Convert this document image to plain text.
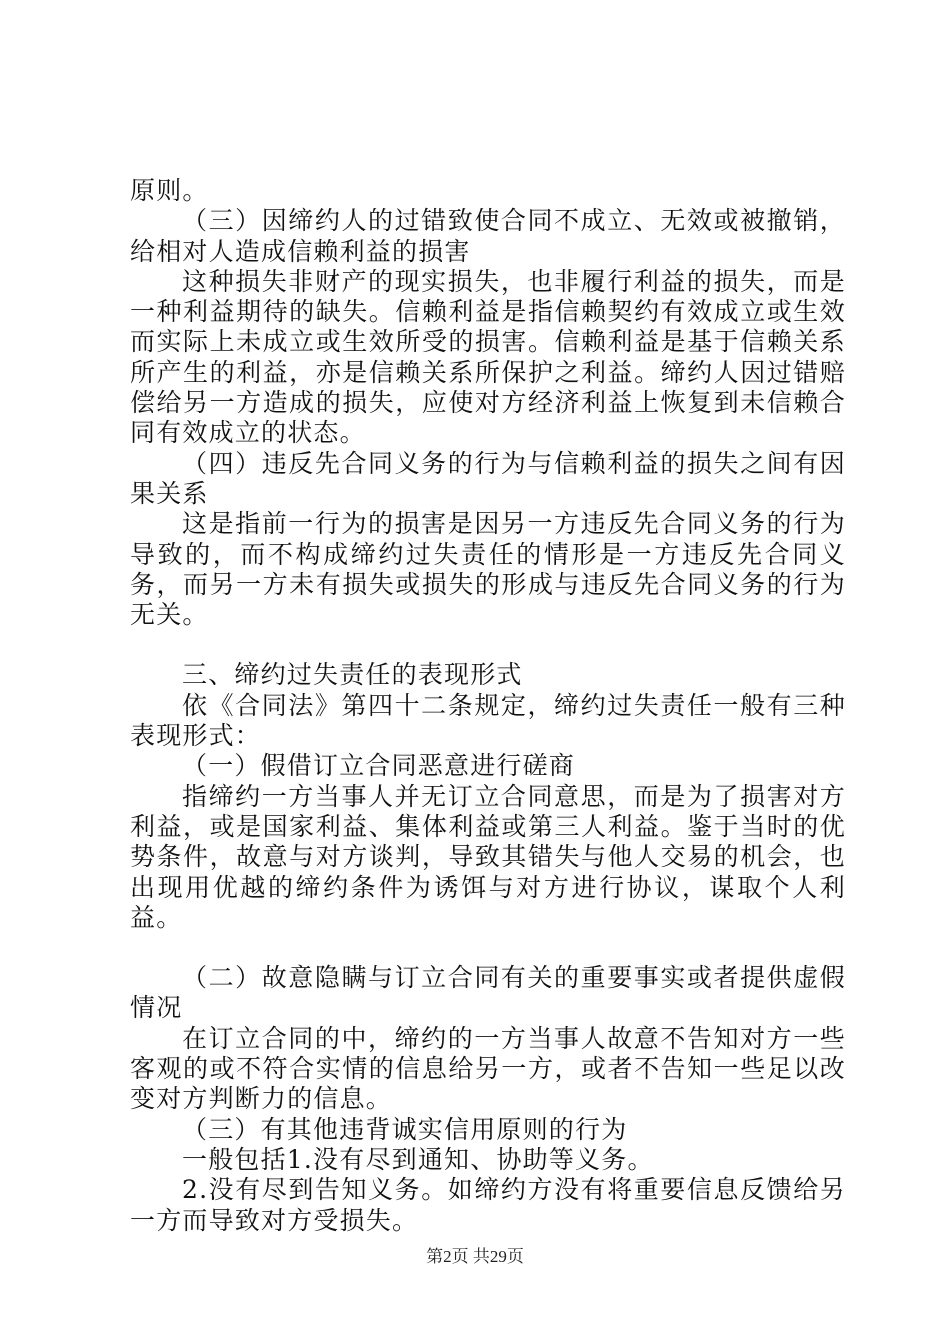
原则。

（三）因缔约人的过错致使合同不成立、无效或被撤销，给相对人造成信赖利益的损害

这种损失非财产的现实损失，也非履行利益的损失，而是一种利益期待的缺失。信赖利益是指信赖契约有效成立或生效而实际上未成立或生效所受的损害。信赖利益是基于信赖关系所产生的利益，亦是信赖关系所保护之利益。缔约人因过错赔偿给另一方造成的损失，应使对方经济利益上恢复到未信赖合同有效成立的状态。

（四）违反先合同义务的行为与信赖利益的损失之间有因果关系

这是指前一行为的损害是因另一方违反先合同义务的行为导致的，而不构成缔约过失责任的情形是一方违反先合同义务，而另一方未有损失或损失的形成与违反先合同义务的行为无关。

三、缔约过失责任的表现形式

依《合同法》第四十二条规定，缔约过失责任一般有三种表现形式：

（一）假借订立合同恶意进行磋商

指缔约一方当事人并无订立合同意思，而是为了损害对方利益，或是国家利益、集体利益或第三人利益。鉴于当时的优势条件，故意与对方谈判，导致其错失与他人交易的机会，也出现用优越的缔约条件为诱饵与对方进行协议，谋取个人利益。

（二）故意隐瞒与订立合同有关的重要事实或者提供虚假情况

在订立合同的中，缔约的一方当事人故意不告知对方一些客观的或不符合实情的信息给另一方，或者不告知一些足以改变对方判断力的信息。

（三）有其他违背诚实信用原则的行为

一般包括1.没有尽到通知、协助等义务。

2.没有尽到告知义务。如缔约方没有将重要信息反馈给另一方而导致对方受损失。

第2页 共29页
